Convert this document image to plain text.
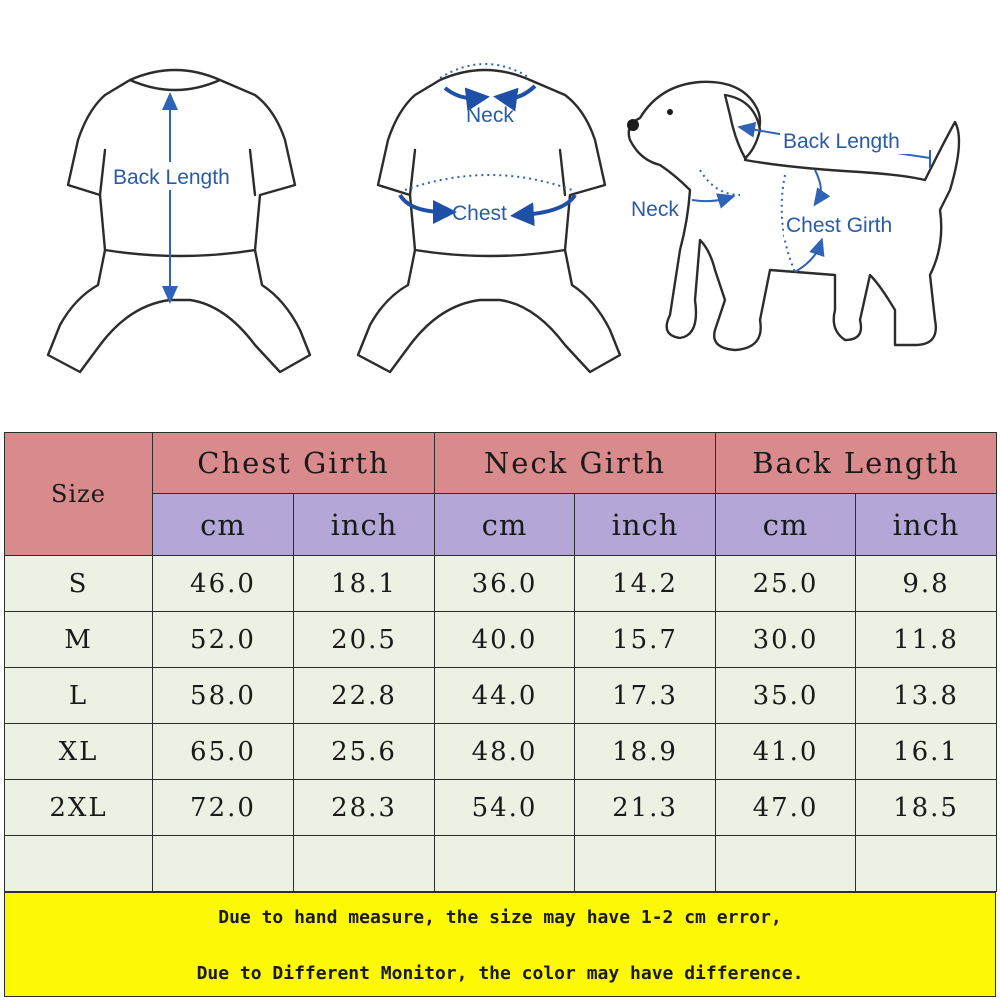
Back Length
Neck
Chest
Back Length
Neck
Chest Girth
Size	Chest Girth		Neck Girth		Back Length	
	cm	inch	cm	inch	cm	inch
S	46.0	18.1	36.0	14.2	25.0	9.8
M	52.0	20.5	40.0	15.7	30.0	11.8
L	58.0	22.8	44.0	17.3	35.0	13.8
XL	65.0	25.6	48.0	18.9	41.0	16.1
2XL	72.0	28.3	54.0	21.3	47.0	18.5

Due to hand measure, the size may have 1-2 cm error,
Due to Different Monitor, the color may have difference.
